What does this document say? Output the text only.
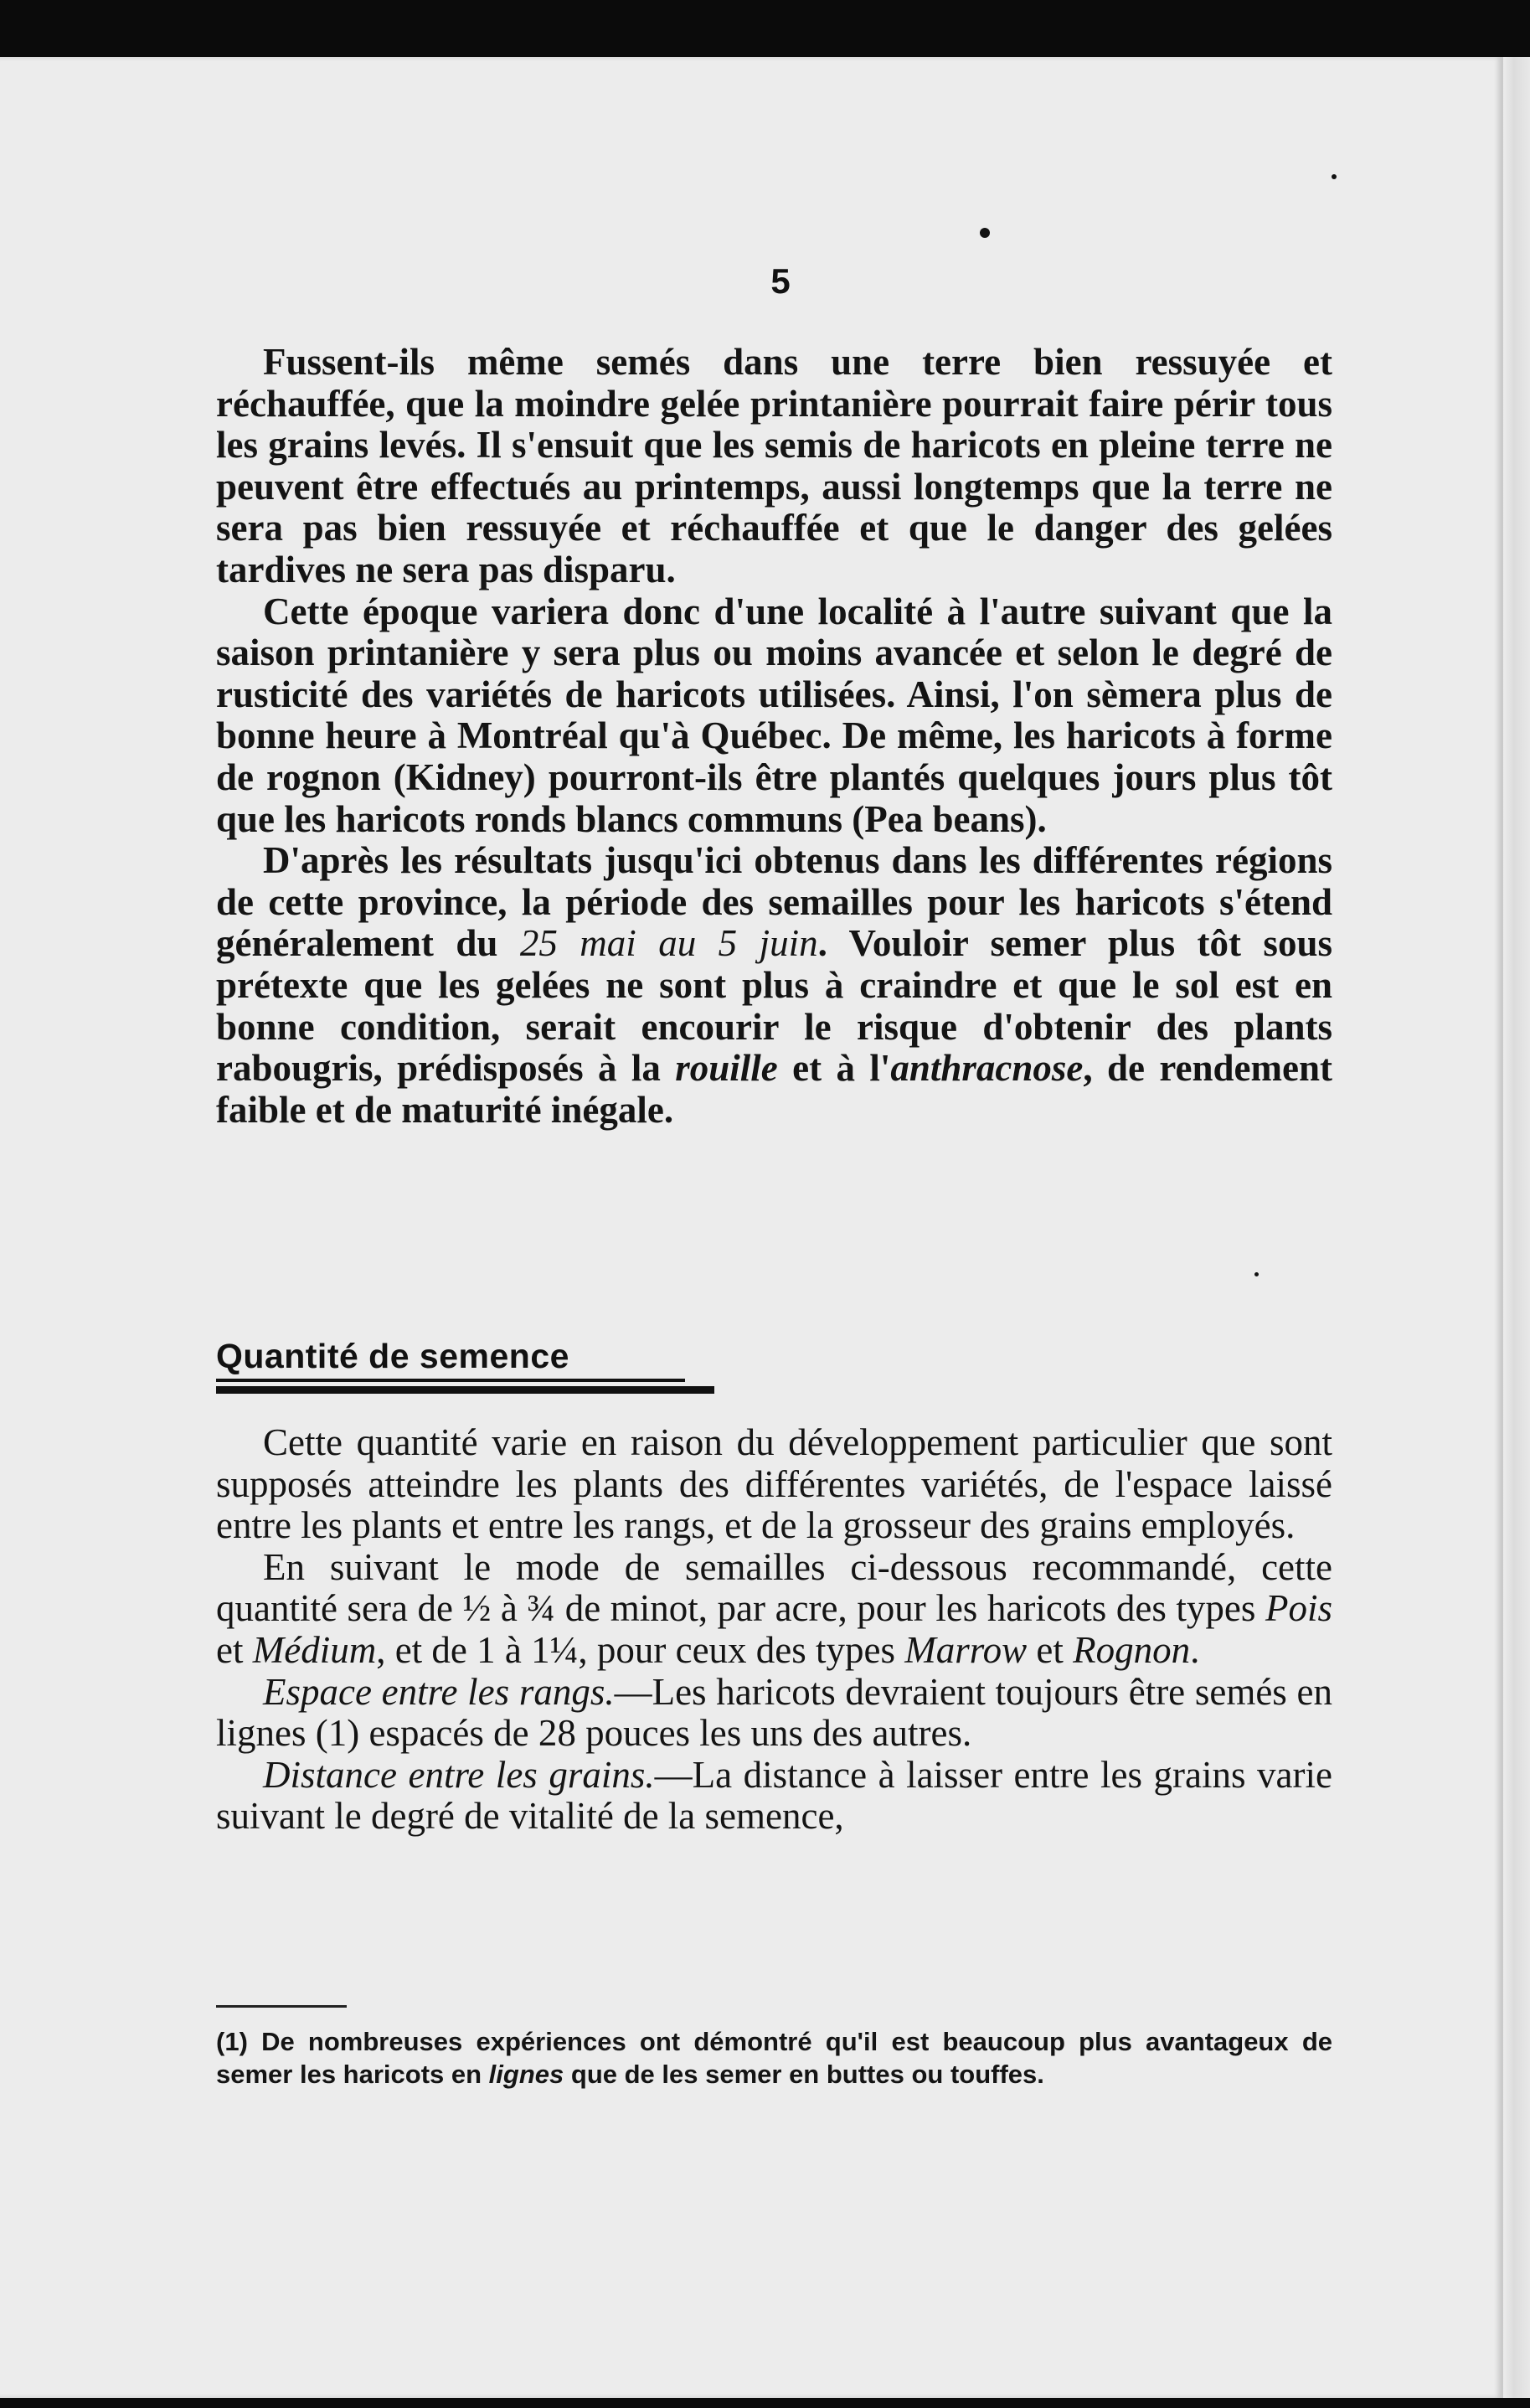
5

Fussent-ils même semés dans une terre bien ressuyée et réchauffée, que la moindre gelée printanière pourrait faire périr tous les grains levés. Il s'ensuit que les semis de haricots en pleine terre ne peuvent être effectués au printemps, aussi longtemps que la terre ne sera pas bien ressuyée et réchauffée et que le danger des gelées tardives ne sera pas disparu.

Cette époque variera donc d'une localité à l'autre suivant que la saison printanière y sera plus ou moins avancée et selon le degré de rusticité des variétés de haricots utilisées. Ainsi, l'on sèmera plus de bonne heure à Montréal qu'à Québec. De même, les haricots à forme de rognon (Kidney) pourront-ils être plantés quelques jours plus tôt que les haricots ronds blancs communs (Pea beans).

D'après les résultats jusqu'ici obtenus dans les différentes régions de cette province, la période des semailles pour les haricots s'étend généralement du 25 mai au 5 juin. Vouloir semer plus tôt sous prétexte que les gelées ne sont plus à craindre et que le sol est en bonne condition, serait encourir le risque d'obtenir des plants rabougris, prédisposés à la rouille et à l'anthracnose, de rendement faible et de maturité inégale.

Quantité de semence

Cette quantité varie en raison du développement particulier que sont supposés atteindre les plants des différentes variétés, de l'espace laissé entre les plants et entre les rangs, et de la grosseur des grains employés.

En suivant le mode de semailles ci-dessous recommandé, cette quantité sera de ½ à ¾ de minot, par acre, pour les haricots des types Pois et Médium, et de 1 à 1¼, pour ceux des types Marrow et Rognon.

Espace entre les rangs.—Les haricots devraient toujours être semés en lignes (1) espacés de 28 pouces les uns des autres.

Distance entre les grains.—La distance à laisser entre les grains varie suivant le degré de vitalité de la semence,

(1) De nombreuses expériences ont démontré qu'il est beaucoup plus avantageux de semer les haricots en lignes que de les semer en buttes ou touffes.
